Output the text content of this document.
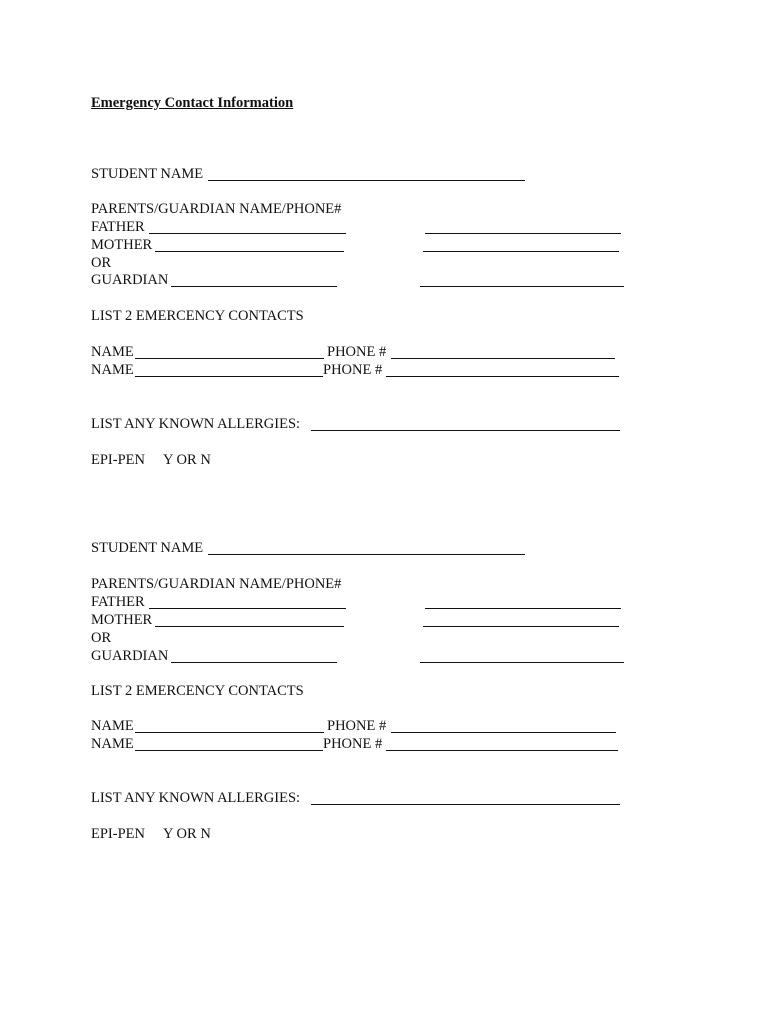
Emergency Contact Information
STUDENT NAME
PARENTS/GUARDIAN NAME/PHONE#
FATHER
MOTHER
OR
GUARDIAN
LIST 2 EMERCENCY CONTACTS
NAME	PHONE #
NAME	PHONE #
LIST ANY KNOWN ALLERGIES:
EPI-PEN Y OR N
STUDENT NAME
PARENTS/GUARDIAN NAME/PHONE#
FATHER
MOTHER
OR
GUARDIAN
LIST 2 EMERCENCY CONTACTS
NAME	PHONE #
NAME	PHONE #
LIST ANY KNOWN ALLERGIES:
EPI-PEN Y OR N
